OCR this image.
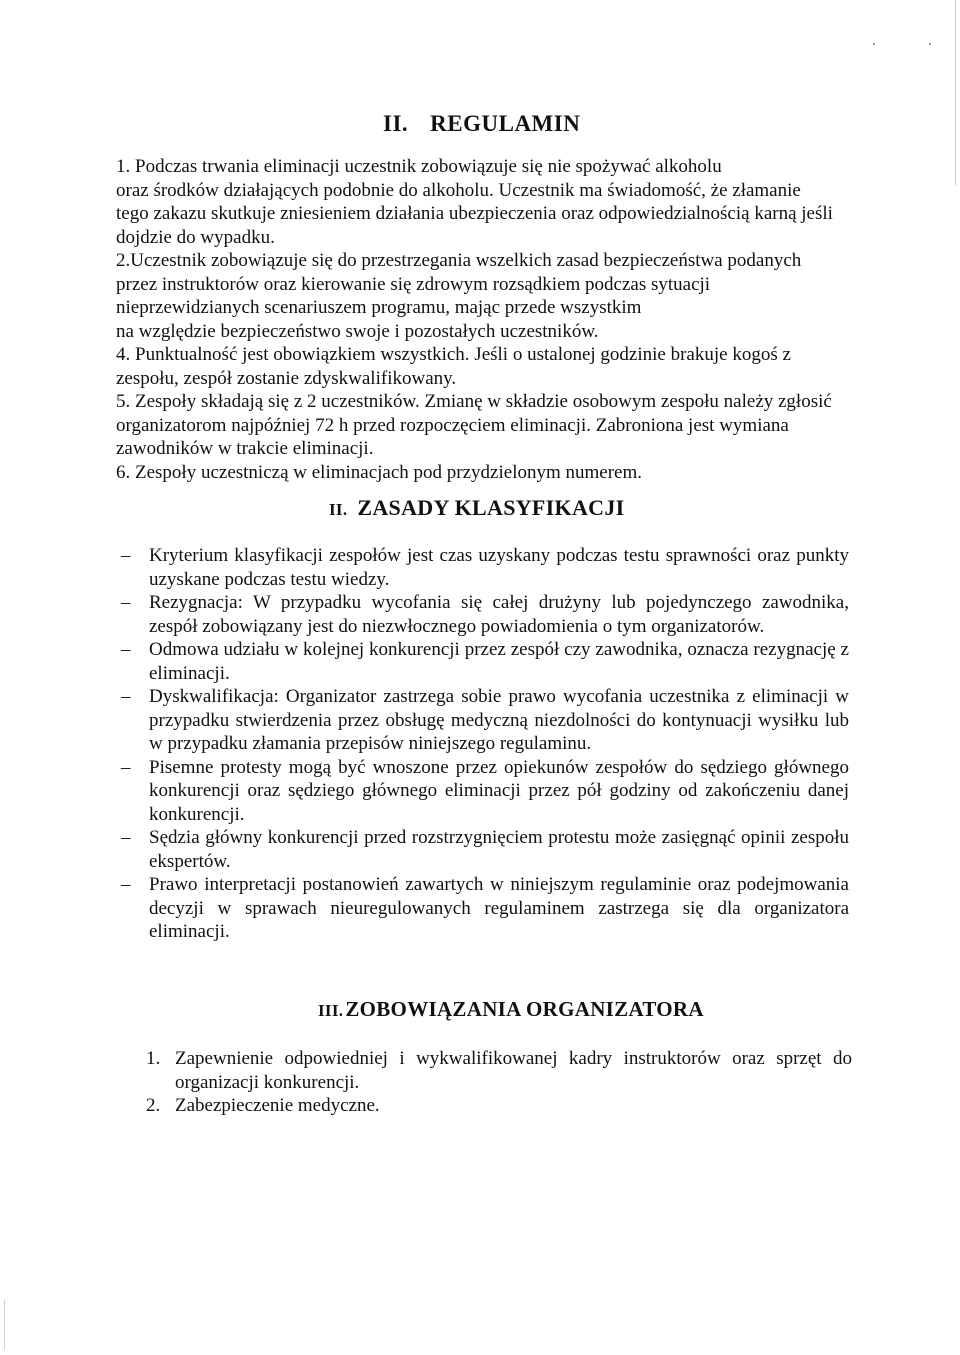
II. REGULAMIN

1. Podczas trwania eliminacji uczestnik zobowiązuje się nie spożywać alkoholu

oraz środków działających podobnie do alkoholu. Uczestnik ma świadomość, że złamanie

tego zakazu skutkuje zniesieniem działania ubezpieczenia oraz odpowiedzialnością karną jeśli

dojdzie do wypadku.

2.Uczestnik zobowiązuje się do przestrzegania wszelkich zasad bezpieczeństwa podanych

przez instruktorów oraz kierowanie się zdrowym rozsądkiem podczas sytuacji

nieprzewidzianych scenariuszem programu, mając przede wszystkim

na względzie bezpieczeństwo swoje i pozostałych uczestników.

4. Punktualność jest obowiązkiem wszystkich. Jeśli o ustalonej godzinie brakuje kogoś z

zespołu, zespół zostanie zdyskwalifikowany.

5. Zespoły składają się z 2 uczestników. Zmianę w składzie osobowym zespołu należy zgłosić

organizatorom najpóźniej 72 h przed rozpoczęciem eliminacji. Zabroniona jest wymiana

zawodników w trakcie eliminacji.

6. Zespoły uczestniczą w eliminacjach pod przydzielonym numerem.

II. ZASADY KLASYFIKACJI
– Kryterium klasyfikacji zespołów jest czas uzyskany podczas testu sprawności oraz punkty uzyskane podczas testu wiedzy.
– Rezygnacja: W przypadku wycofania się całej drużyny lub pojedynczego zawodnika, zespół zobowiązany jest do niezwłocznego powiadomienia o tym organizatorów.
– Odmowa udziału w kolejnej konkurencji przez zespół czy zawodnika, oznacza rezygnację z eliminacji.
– Dyskwalifikacja: Organizator zastrzega sobie prawo wycofania uczestnika z eliminacji w przypadku stwierdzenia przez obsługę medyczną niezdolności do kontynuacji wysiłku lub w przypadku złamania przepisów niniejszego regulaminu.
– Pisemne protesty mogą być wnoszone przez opiekunów zespołów do sędziego głównego konkurencji oraz sędziego głównego eliminacji przez pół godziny od zakończeniu danej konkurencji.
– Sędzia główny konkurencji przed rozstrzygnięciem protestu może zasięgnąć opinii zespołu ekspertów.
– Prawo interpretacji postanowień zawartych w niniejszym regulaminie oraz podejmowania decyzji w sprawach nieuregulowanych regulaminem zastrzega się dla organizatora eliminacji.
III.ZOBOWIĄZANIA ORGANIZATORA
1. Zapewnienie odpowiedniej i wykwalifikowanej kadry instruktorów oraz sprzęt do organizacji konkurencji.
2. Zabezpieczenie medyczne.
